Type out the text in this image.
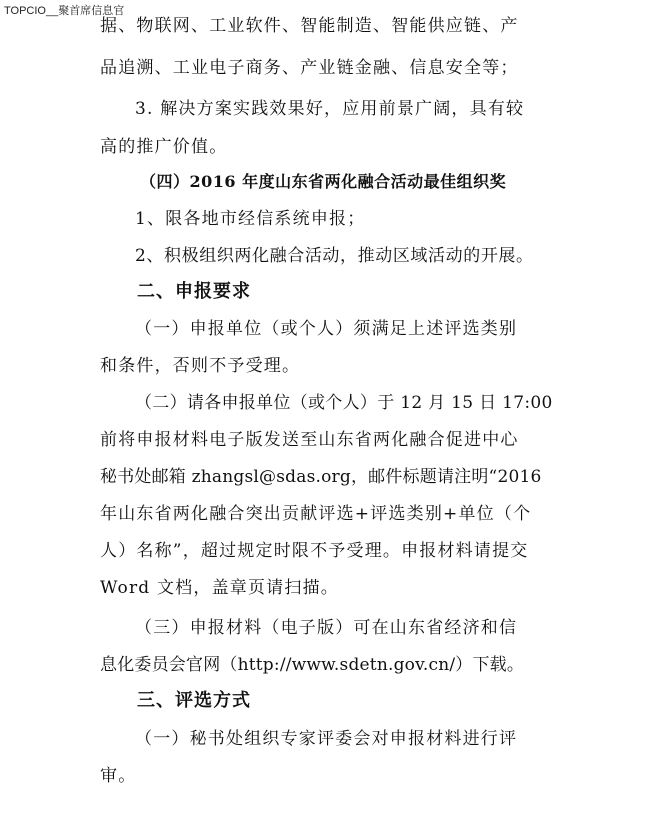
TOPCIO__聚首席信息官
据、物联网、工业软件、智能制造、智能供应链、产
品追溯、工业电子商务、产业链金融、信息安全等；
3. 解决方案实践效果好，应用前景广阔，具有较
高的推广价值。
（四）2016 年度山东省两化融合活动最佳组织奖
1、限各地市经信系统申报；
2、积极组织两化融合活动，推动区域活动的开展。
二、申报要求
（一）申报单位（或个人）须满足上述评选类别
和条件，否则不予受理。
（二）请各申报单位（或个人）于 12 月 15 日 17:00
前将申报材料电子版发送至山东省两化融合促进中心
秘书处邮箱 zhangsl@sdas.org，邮件标题请注明“2016
年山东省两化融合突出贡献评选+评选类别+单位（个
人）名称”，超过规定时限不予受理。申报材料请提交
Word 文档，盖章页请扫描。
（三）申报材料（电子版）可在山东省经济和信
息化委员会官网（http://www.sdetn.gov.cn/）下载。
三、评选方式
（一）秘书处组织专家评委会对申报材料进行评
审。
